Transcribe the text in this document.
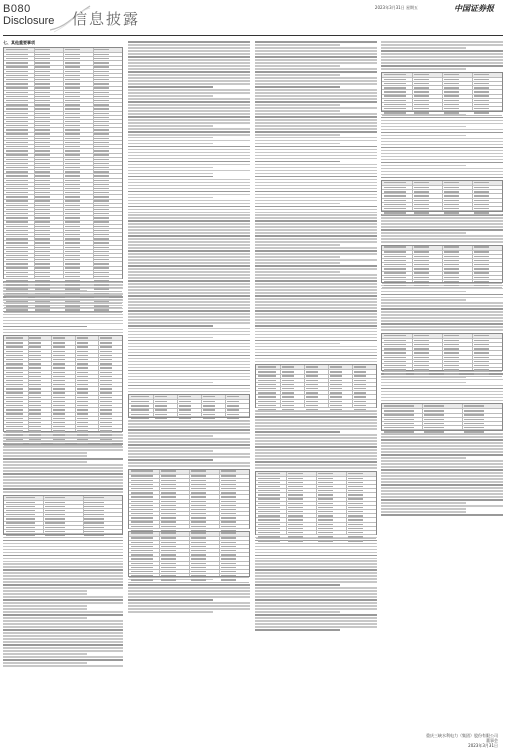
B080
Disclosure 信息披露
2023年3月31日 星期五	中国证券报
七、其他重要事项
重庆三峡水利电力（集团）股份有限公司
董事会
2023年3月31日
